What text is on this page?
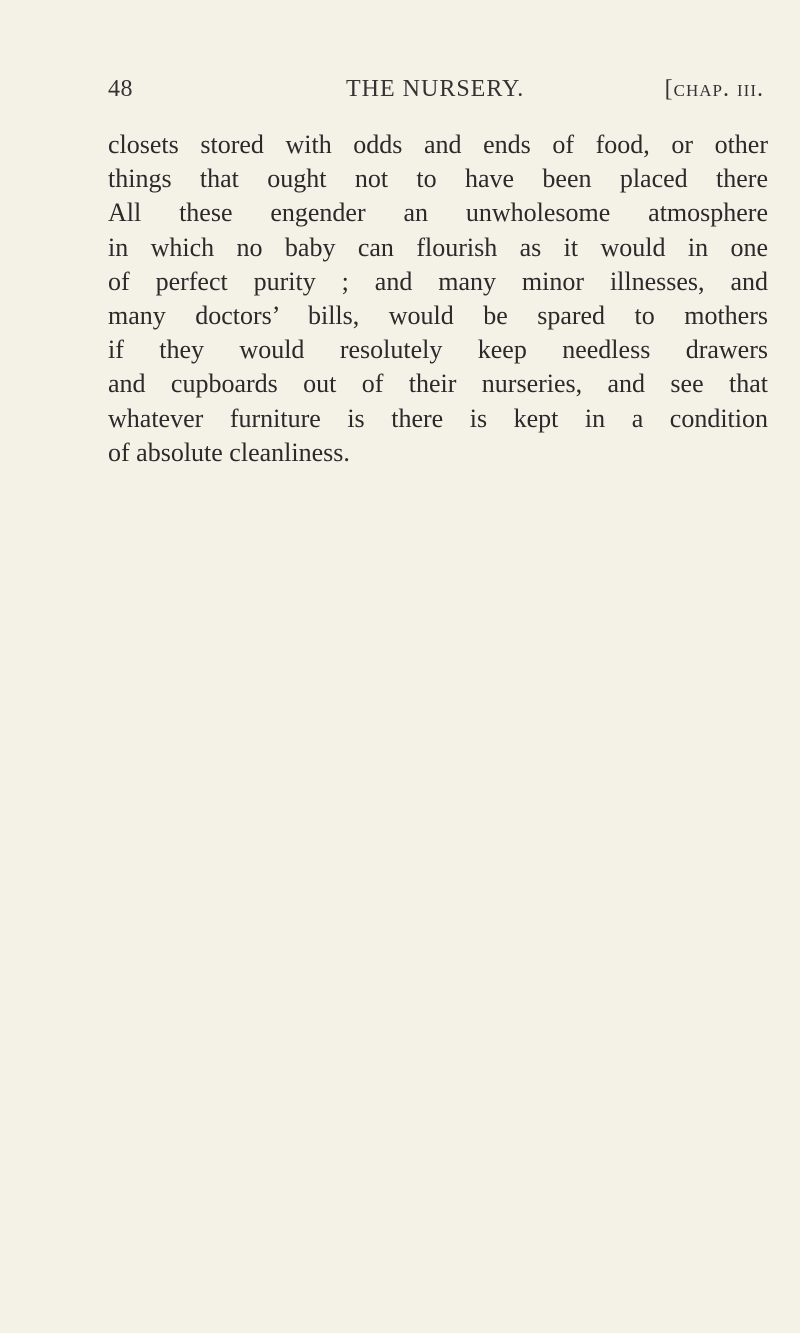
48	THE NURSERY.	[chap. iii.
closets stored with odds and ends of food, or other
things that ought not to have been placed there
All these engender an unwholesome atmosphere
in which no baby can flourish as it would in one
of perfect purity ; and many minor illnesses, and
many doctors’ bills, would be spared to mothers
if they would resolutely keep needless drawers
and cupboards out of their nurseries, and see that
whatever furniture is there is kept in a condition
of absolute cleanliness.
